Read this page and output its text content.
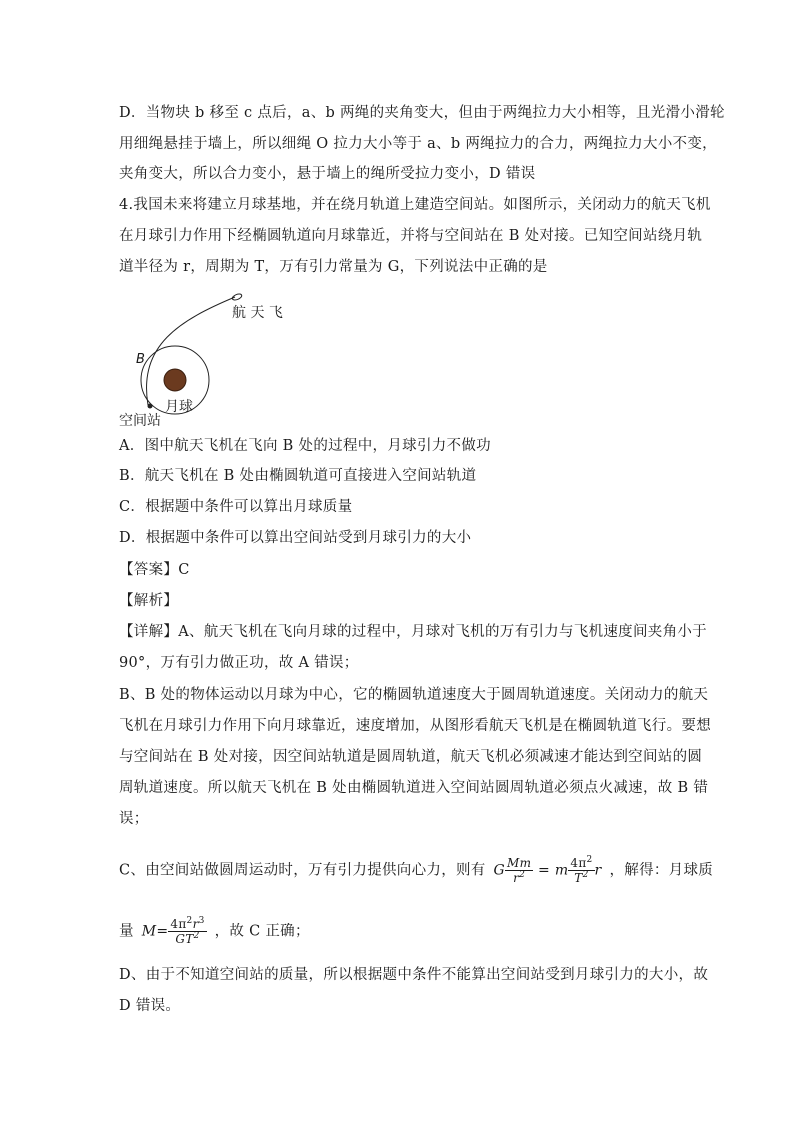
D．当物块 b 移至 c 点后，a、b 两绳的夹角变大，但由于两绳拉力大小相等，且光滑小滑轮
用细绳悬挂于墙上，所以细绳 O 拉力大小等于 a、b 两绳拉力的合力，两绳拉力大小不变，
夹角变大，所以合力变小，悬于墙上的绳所受拉力变小，D 错误
4.我国未来将建立月球基地，并在绕月轨道上建造空间站。如图所示，关闭动力的航天飞机
在月球引力作用下经椭圆轨道向月球靠近，并将与空间站在 B 处对接。已知空间站绕月轨
道半径为 r，周期为 T，万有引力常量为 G，下列说法中正确的是
航 天 飞
B
月球
空间站
A．图中航天飞机在飞向 B 处的过程中，月球引力不做功
B．航天飞机在 B 处由椭圆轨道可直接进入空间站轨道
C．根据题中条件可以算出月球质量
D．根据题中条件可以算出空间站受到月球引力的大小
【答案】C
【解析】
【详解】A、航天飞机在飞向月球的过程中，月球对飞机的万有引力与飞机速度间夹角小于
90°，万有引力做正功，故 A 错误；
B、B 处的物体运动以月球为中心，它的椭圆轨道速度大于圆周轨道速度。关闭动力的航天
飞机在月球引力作用下向月球靠近，速度增加，从图形看航天飞机是在椭圆轨道飞行。要想
与空间站在 B 处对接，因空间站轨道是圆周轨道，航天飞机必须减速才能达到空间站的圆
周轨道速度。所以航天飞机在 B 处由椭圆轨道进入空间站圆周轨道必须点火减速，故 B 错
误；
C、由空间站做圆周运动时，万有引力提供向心力，则有 G $\frac{Mm}{r^2} = m \frac{4\pi^2}{T^2}$ r ，解得：月球质
量 $M= \frac{4\pi^2r^3}{GT^2}$ ，故 C 正确；
D、由于不知道空间站的质量，所以根据题中条件不能算出空间站受到月球引力的大小，故
D 错误。
